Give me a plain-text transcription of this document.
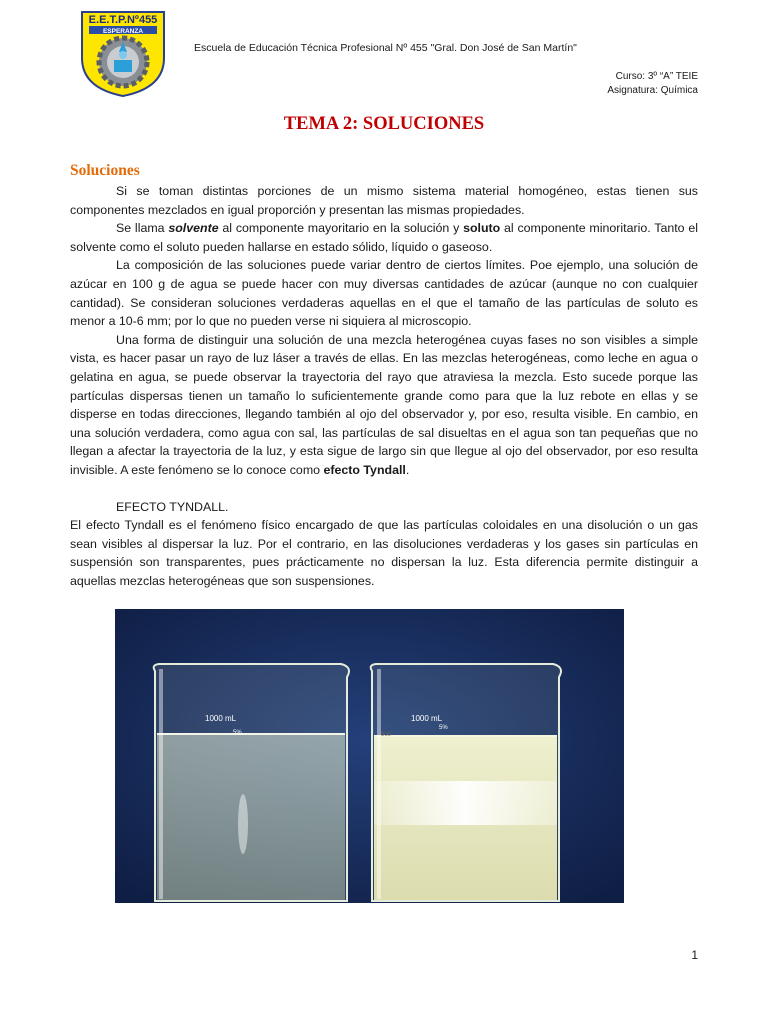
E.E.T.P.Nº455
ESPERANZA
Escuela de Educación Técnica Profesional Nº 455 "Gral. Don José de San Martín"
Curso: 3º “A” TEIE
Asignatura: Química
TEMA 2: SOLUCIONES
Soluciones

Si se toman distintas porciones de un mismo sistema material homogéneo, estas tienen sus componentes mezclados en igual proporción y presentan las mismas propiedades.

Se llama solvente al componente mayoritario en la solución y soluto al componente minoritario. Tanto el solvente como el soluto pueden hallarse en estado sólido, líquido o gaseoso.

La composición de las soluciones puede variar dentro de ciertos límites. Poe ejemplo, una solución de azúcar en 100 g de agua se puede hacer con muy diversas cantidades de azúcar (aunque no con cualquier cantidad). Se consideran soluciones verdaderas aquellas en el que el tamaño de las partículas de soluto es menor a 10-6 mm; por lo que no pueden verse ni siquiera al microscopio.

Una forma de distinguir una solución de una mezcla heterogénea cuyas fases no son visibles a simple vista, es hacer pasar un rayo de luz láser a través de ellas. En las mezclas heterogéneas, como leche en agua o gelatina en agua, se puede observar la trayectoria del rayo que atraviesa la mezcla. Esto sucede porque las partículas dispersas tienen un tamaño lo suficientemente grande como para que la luz rebote en ellas y se disperse en todas direcciones, llegando también al ojo del observador y, por eso, resulta visible. En cambio, en una solución verdadera, como agua con sal, las partículas de sal disueltas en el agua son tan pequeñas que no llegan a afectar la trayectoria de la luz, y esta sigue de largo sin que llegue al ojo del observador, por eso resulta invisible. A este fenómeno se lo conoce como efecto Tyndall.

EFECTO TYNDALL.

El efecto Tyndall es el fenómeno físico encargado de que las partículas coloidales en una disolución o un gas sean visibles al dispersar la luz. Por el contrario, en las disoluciones verdaderas y los gases sin partículas en suspensión son transparentes, pues prácticamente no dispersan la luz. Esta diferencia permite distinguir a aquellas mezclas heterogéneas que son suspensiones.

1000 mL
5%
1000 mL
5%
900
1
